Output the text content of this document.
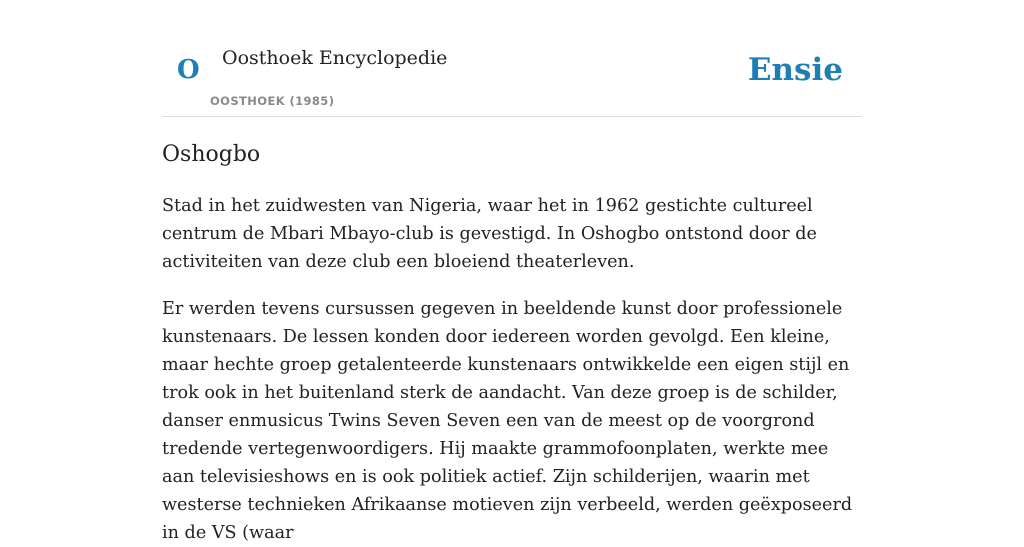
O Oosthoek Encyclopedie
OOSTHOEK (1985)
Ensie
Oshogbo

Stad in het zuidwesten van Nigeria, waar het in 1962 gestichte cultureel centrum de Mbari Mbayo-club is gevestigd. In Oshogbo ontstond door de activiteiten van deze club een bloeiend theaterleven.

Er werden tevens cursussen gegeven in beeldende kunst door professionele kunstenaars. De lessen konden door iedereen worden gevolgd. Een kleine, maar hechte groep getalenteerde kunstenaars ontwikkelde een eigen stijl en trok ook in het buitenland sterk de aandacht. Van deze groep is de schilder, danser enmusicus Twins Seven Seven een van de meest op de voorgrond tredende vertegenwoordigers. Hij maakte grammofoonplaten, werkte mee aan televisieshows en is ook politiek actief. Zijn schilderijen, waarin met westerse technieken Afrikaanse motieven zijn verbeeld, werden geëxposeerd in de VS (waar
